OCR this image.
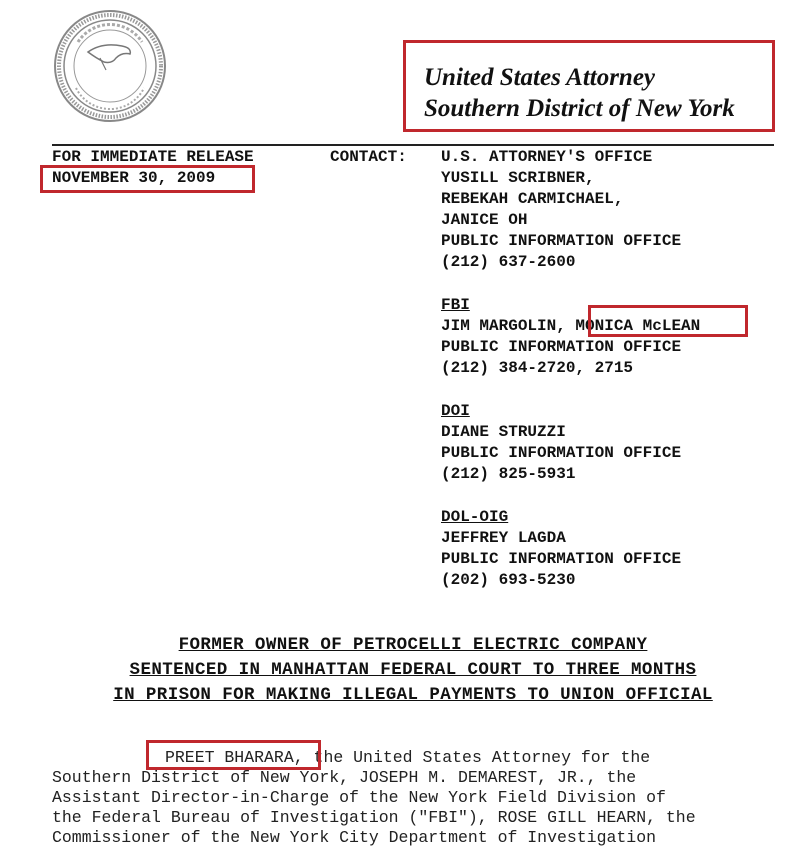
United States Attorney
Southern District of New York
FOR IMMEDIATE RELEASE	CONTACT:
NOVEMBER 30, 2009
U.S. ATTORNEY'S OFFICE
YUSILL SCRIBNER,
REBEKAH CARMICHAEL,
JANICE OH
PUBLIC INFORMATION OFFICE
(212) 637-2600
FBI
JIM MARGOLIN, MONICA McLEAN
PUBLIC INFORMATION OFFICE
(212) 384-2720, 2715
DOI
DIANE STRUZZI
PUBLIC INFORMATION OFFICE
(212) 825-5931
DOL-OIG
JEFFREY LAGDA
PUBLIC INFORMATION OFFICE
(202) 693-5230
FORMER OWNER OF PETROCELLI ELECTRIC COMPANY
SENTENCED IN MANHATTAN FEDERAL COURT TO THREE MONTHS
IN PRISON FOR MAKING ILLEGAL PAYMENTS TO UNION OFFICIAL
PREET BHARARA, the United States Attorney for the
Southern District of New York, JOSEPH M. DEMAREST, JR., the
Assistant Director-in-Charge of the New York Field Division of
the Federal Bureau of Investigation ("FBI"), ROSE GILL HEARN, the
Commissioner of the New York City Department of Investigation
